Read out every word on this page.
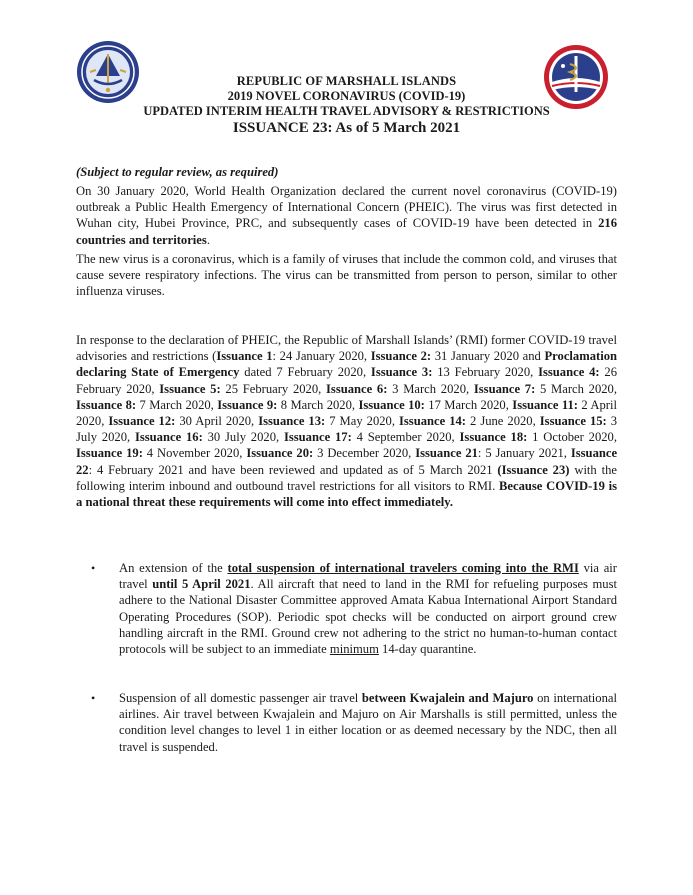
REPUBLIC OF MARSHALL ISLANDS
2019 NOVEL CORONAVIRUS (COVID-19)
UPDATED INTERIM HEALTH TRAVEL ADVISORY & RESTRICTIONS
ISSUANCE 23: As of 5 March 2021
(Subject to regular review, as required)

On 30 January 2020, World Health Organization declared the current novel coronavirus (COVID-19) outbreak a Public Health Emergency of International Concern (PHEIC). The virus was first detected in Wuhan city, Hubei Province, PRC, and subsequently cases of COVID-19 have been detected in 216 countries and territories.

The new virus is a coronavirus, which is a family of viruses that include the common cold, and viruses that cause severe respiratory infections. The virus can be transmitted from person to person, similar to other influenza viruses.

In response to the declaration of PHEIC, the Republic of Marshall Islands’ (RMI) former COVID-19 travel advisories and restrictions (Issuance 1: 24 January 2020, Issuance 2: 31 January 2020 and Proclamation declaring State of Emergency dated 7 February 2020, Issuance 3: 13 February 2020, Issuance 4: 26 February 2020, Issuance 5: 25 February 2020, Issuance 6: 3 March 2020, Issuance 7: 5 March 2020, Issuance 8: 7 March 2020, Issuance 9: 8 March 2020, Issuance 10: 17 March 2020, Issuance 11: 2 April 2020, Issuance 12: 30 April 2020, Issuance 13: 7 May 2020, Issuance 14: 2 June 2020, Issuance 15: 3 July 2020, Issuance 16: 30 July 2020, Issuance 17: 4 September 2020, Issuance 18: 1 October 2020, Issuance 19: 4 November 2020, Issuance 20: 3 December 2020, Issuance 21: 5 January 2021, Issuance 22: 4 February 2021 and have been reviewed and updated as of 5 March 2021 (Issuance 23) with the following interim inbound and outbound travel restrictions for all visitors to RMI. Because COVID-19 is a national threat these requirements will come into effect immediately.

• An extension of the total suspension of international travelers coming into the RMI via air travel until 5 April 2021. All aircraft that need to land in the RMI for refueling purposes must adhere to the National Disaster Committee approved Amata Kabua International Airport Standard Operating Procedures (SOP). Periodic spot checks will be conducted on airport ground crew handling aircraft in the RMI. Ground crew not adhering to the strict no human-to-human contact protocols will be subject to an immediate minimum 14-day quarantine.
• Suspension of all domestic passenger air travel between Kwajalein and Majuro on international airlines. Air travel between Kwajalein and Majuro on Air Marshalls is still permitted, unless the condition level changes to level 1 in either location or as deemed necessary by the NDC, then all travel is suspended.
